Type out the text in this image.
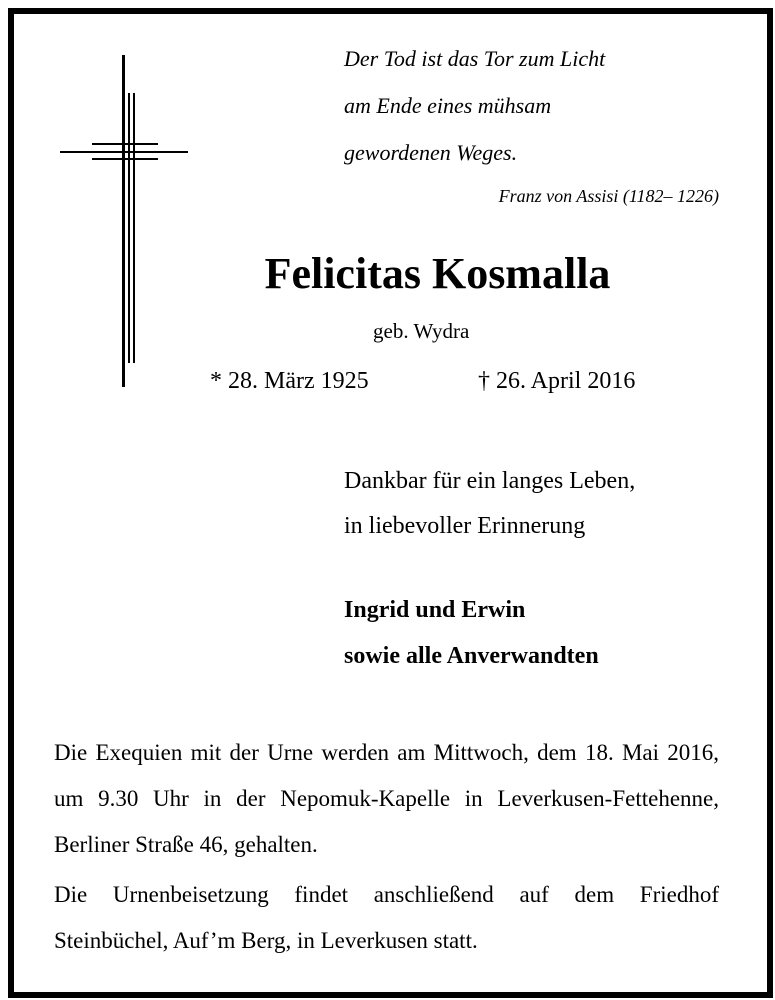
Der Tod ist das Tor zum Licht
am Ende eines mühsam
gewordenen Weges.
Franz von Assisi (1182– 1226)
Felicitas Kosmalla
geb. Wydra
* 28. März 1925	† 26. April 2016
Dankbar für ein langes Leben,
in liebevoller Erinnerung
Ingrid und Erwin
sowie alle Anverwandten
Die Exequien mit der Urne werden am Mittwoch, dem 18. Mai 2016, um 9.30 Uhr in der Nepomuk-Kapelle in Leverkusen-Fettehenne, Berliner Straße 46, gehalten.
Die Urnenbeisetzung findet anschließend auf dem Friedhof Steinbüchel, Auf’m Berg, in Leverkusen statt.
